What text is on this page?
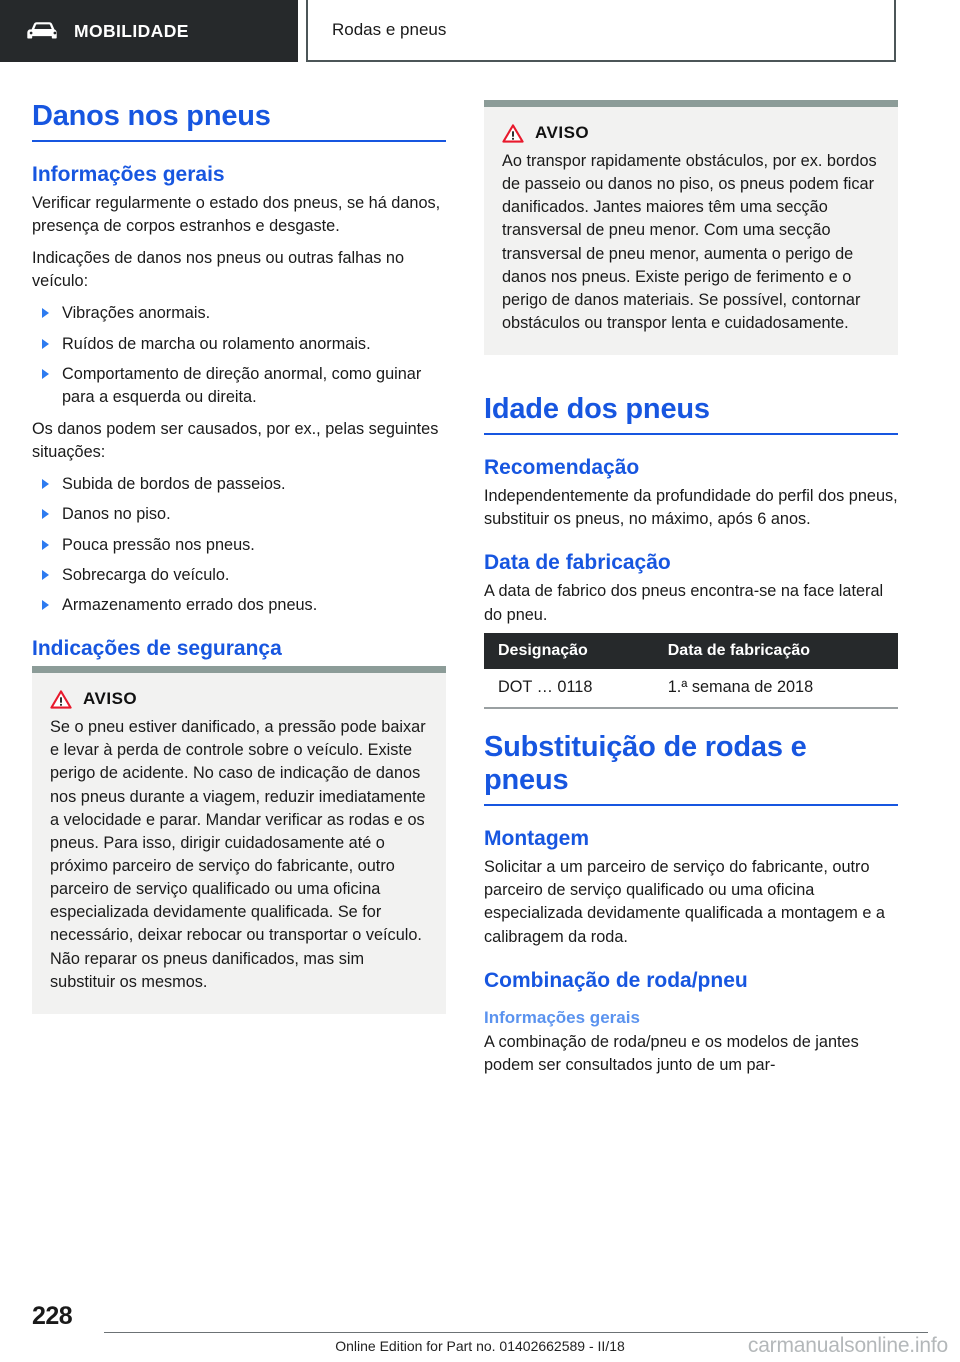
MOBILIDADE	Rodas e pneus
Danos nos pneus
Informações gerais

Verificar regularmente o estado dos pneus, se há danos, presença de corpos estranhos e desgaste.

Indicações de danos nos pneus ou outras falhas no veículo:

Vibrações anormais.
Ruídos de marcha ou rolamento anormais.
Comportamento de direção anormal, como guinar para a esquerda ou direita.

Os danos podem ser causados, por ex., pelas seguintes situações:

Subida de bordos de passeios.
Danos no piso.
Pouca pressão nos pneus.
Sobrecarga do veículo.
Armazenamento errado dos pneus.
Indicações de segurança
AVISO

Se o pneu estiver danificado, a pressão pode baixar e levar à perda de controle sobre o veículo. Existe perigo de acidente. No caso de indicação de danos nos pneus durante a viagem, reduzir imediatamente a velocidade e parar. Mandar verificar as rodas e os pneus. Para isso, dirigir cuidadosamente até o próximo parceiro de serviço do fabricante, outro parceiro de serviço qualificado ou uma oficina especializada devidamente qualificada. Se for necessário, deixar rebocar ou transportar o veículo. Não reparar os pneus danificados, mas sim substituir os mesmos.

AVISO

Ao transpor rapidamente obstáculos, por ex. bordos de passeio ou danos no piso, os pneus podem ficar danificados. Jantes maiores têm uma secção transversal de pneu menor. Com uma secção transversal de pneu menor, aumenta o perigo de danos nos pneus. Existe perigo de ferimento e o perigo de danos materiais. Se possível, contornar obstáculos ou transpor lenta e cuidadosamente.

Idade dos pneus
Recomendação

Independentemente da profundidade do perfil dos pneus, substituir os pneus, no máximo, após 6 anos.

Data de fabricação

A data de fabrico dos pneus encontra-se na face lateral do pneu.

Designação	Data de fabricação
DOT … 0118	1.ª semana de 2018
Substituição de rodas e pneus
Montagem

Solicitar a um parceiro de serviço do fabricante, outro parceiro de serviço qualificado ou uma oficina especializada devidamente qualificada a montagem e a calibragem da roda.

Combinação de roda/pneu
Informações gerais

A combinação de roda/pneu e os modelos de jantes podem ser consultados junto de um par-

228
Online Edition for Part no. 01402662589 - II/18	carmanualsonline.info
